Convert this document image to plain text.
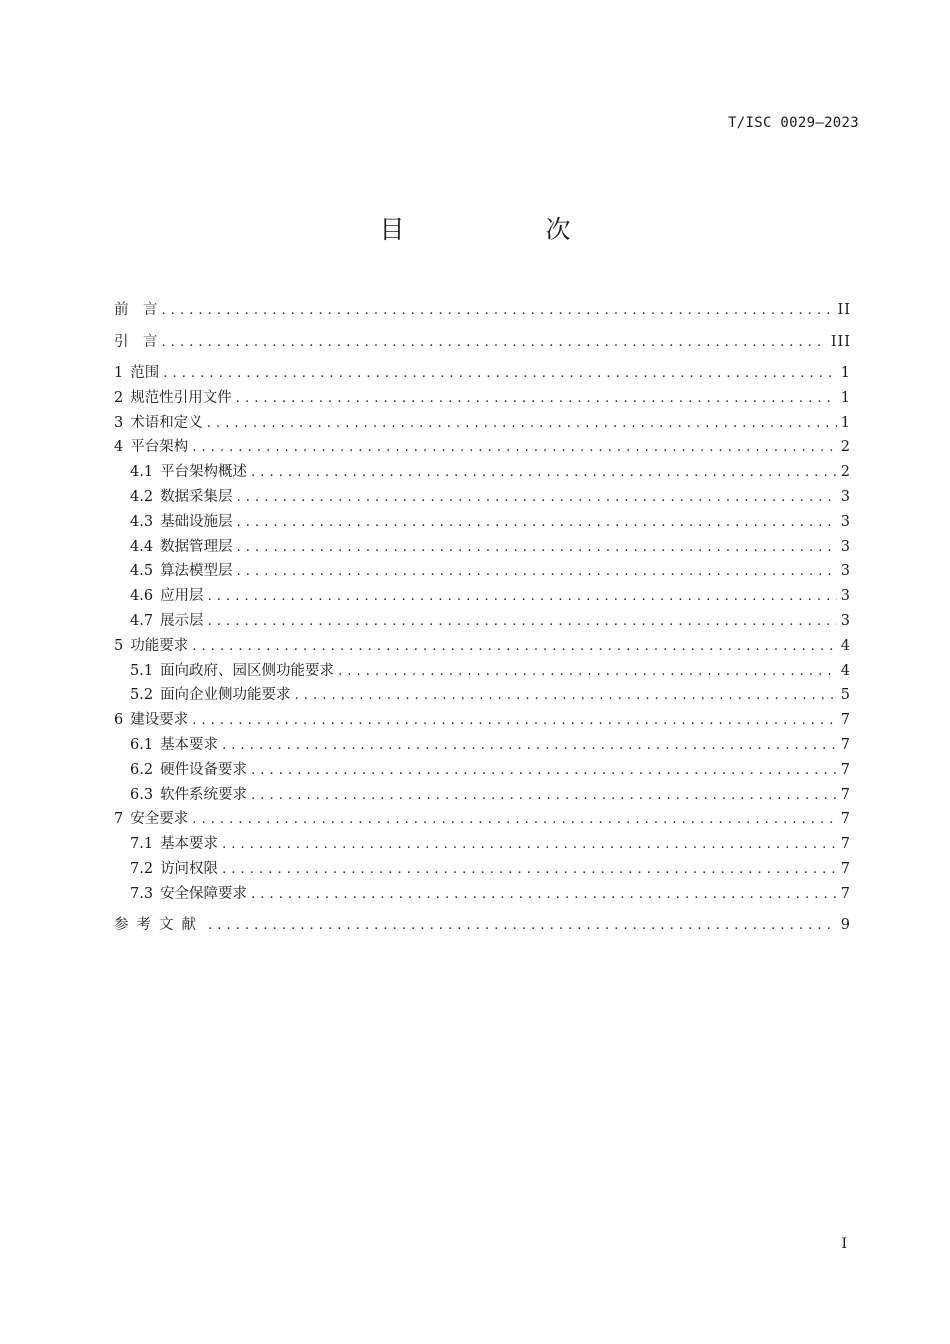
T/ISC 0029—2023
目　次
前　言 .....	II
引　言 .....	III
1 范围 .....	1
2 规范性引用文件 .....	1
3 术语和定义 .....	1
4 平台架构 .....	2
4.1 平台架构概述 .....	2
4.2 数据采集层 .....	3
4.3 基础设施层 .....	3
4.4 数据管理层 .....	3
4.5 算法模型层 .....	3
4.6 应用层 .....	3
4.7 展示层 .....	3
5 功能要求 .....	4
5.1 面向政府、园区侧功能要求 .....	4
5.2 面向企业侧功能要求 .....	5
6 建设要求 .....	7
6.1 基本要求 .....	7
6.2 硬件设备要求 .....	7
6.3 软件系统要求 .....	7
7 安全要求 .....	7
7.1 基本要求 .....	7
7.2 访问权限 .....	7
7.3 安全保障要求 .....	7
参考文献 .....	9
I
